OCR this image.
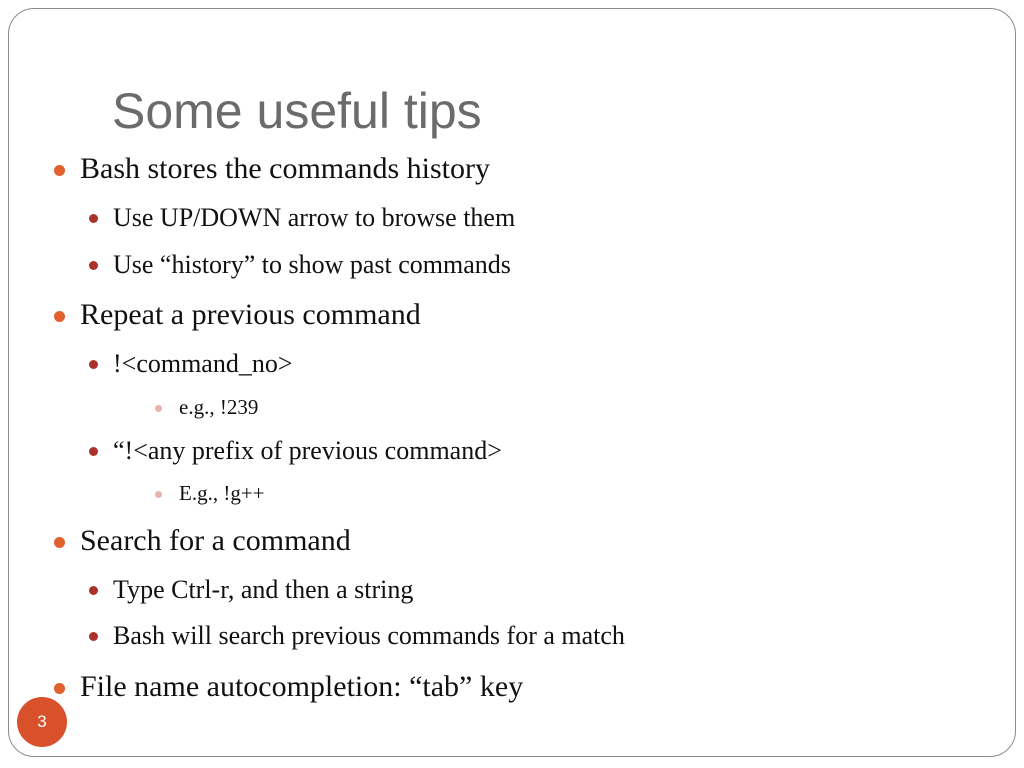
Some useful tips
Bash stores the commands history
Use UP/DOWN arrow to browse them
Use “history” to show past commands
Repeat a previous command
!<command_no>
e.g., !239
“!<any prefix of previous command>
E.g., !g++
Search for a command
Type Ctrl-r, and then a string
Bash will search previous commands for a match
File name autocompletion: “tab” key
3
